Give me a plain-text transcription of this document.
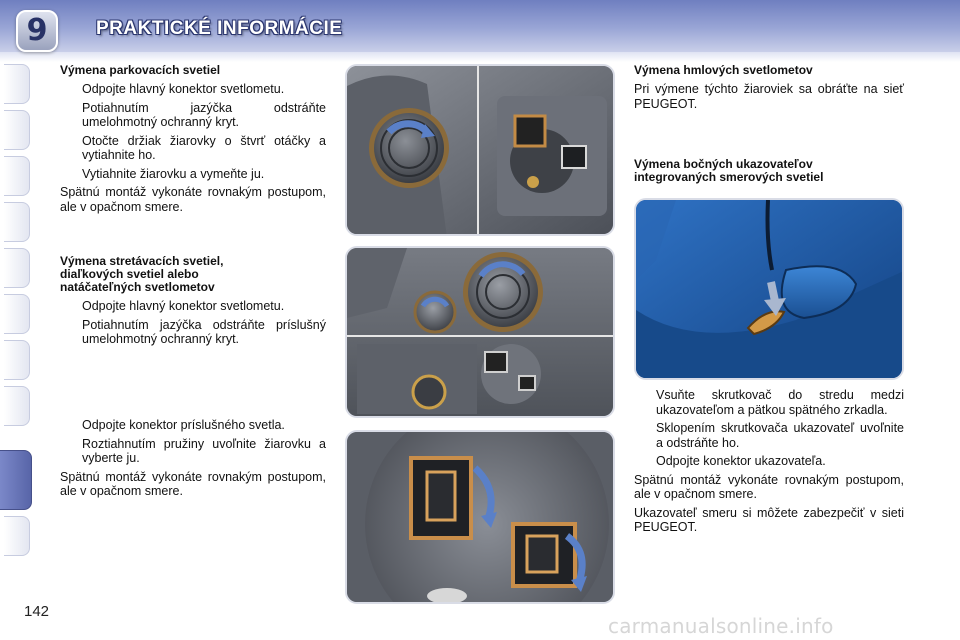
9	PRAKTICKÉ INFORMÁCIE
Výmena parkovacích svetiel
Odpojte hlavný konektor svetlometu.
Potiahnutím jazýčka odstráňte umelohmotný ochranný kryt.
Otočte držiak žiarovky o štvrť otáčky a vytiahnite ho.
Vytiahnite žiarovku a vymeňte ju.

Spätnú montáž vykonáte rovnakým postupom, ale v opačnom smere.

Výmena stretávacích svetiel,
diaľkových svetiel alebo
natáčateľných svetlometov
Odpojte hlavný konektor svetlometu.
Potiahnutím jazýčka odstráňte príslušný umelohmotný ochranný kryt.
Odpojte konektor príslušného svetla.
Roztiahnutím pružiny uvoľnite žiarovku a vyberte ju.

Spätnú montáž vykonáte rovnakým postupom, ale v opačnom smere.

Výmena hmlových svetlometov

Pri výmene týchto žiaroviek sa obráťte na sieť PEUGEOT.

Výmena bočných ukazovateľov
integrovaných smerových svetiel
Vsuňte skrutkovač do stredu medzi ukazovateľom a pätkou spätného zrkadla.
Sklopením skrutkovača ukazovateľ uvoľnite a odstráňte ho.
Odpojte konektor ukazovateľa.

Spätnú montáž vykonáte rovnakým postupom, ale v opačnom smere.

Ukazovateľ smeru si môžete zabezpečiť v sieti PEUGEOT.

142
carmanualsonline.info
